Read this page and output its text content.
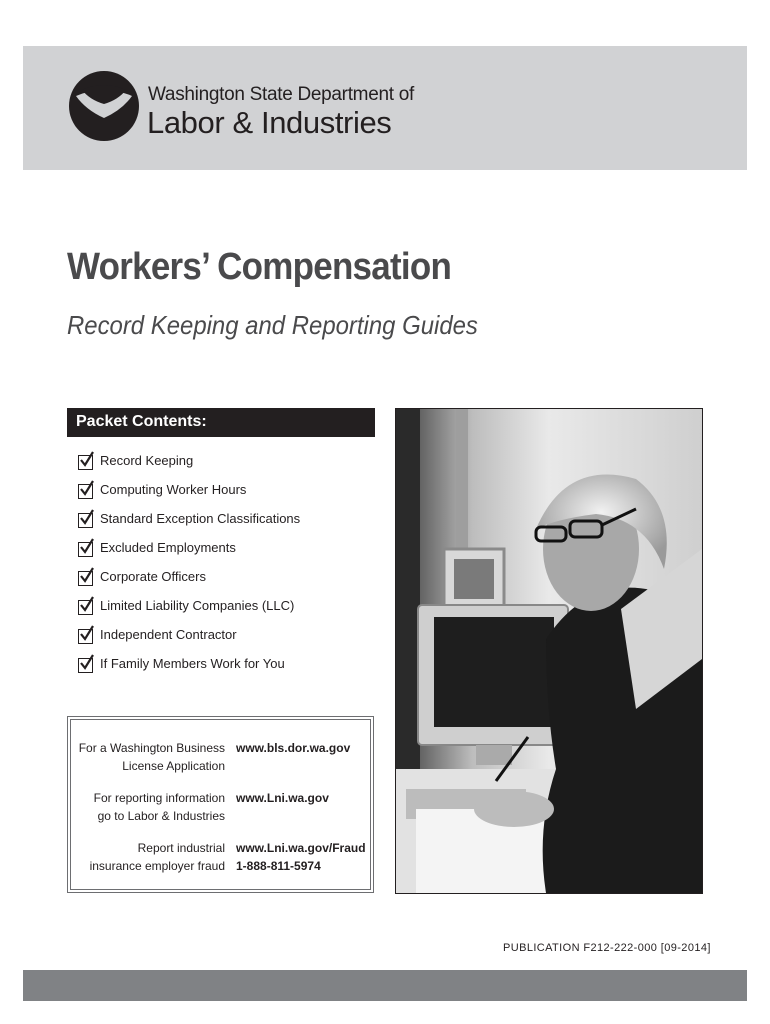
Washington State Department of
Labor & Industries
Workers’ Compensation
Record Keeping and Reporting Guides
Packet Contents:
Record Keeping
Computing Worker Hours
Standard Exception Classifications
Excluded Employments
Corporate Officers
Limited Liability Companies (LLC)
Independent Contractor
If Family Members Work for You
For a Washington Business
License Application
www.bls.dor.wa.gov
For reporting information
go to Labor & Industries
www.Lni.wa.gov
Report industrial
insurance employer fraud
www.Lni.wa.gov/Fraud
1-888-811-5974
PUBLICATION F212-222-000 [09-2014]
